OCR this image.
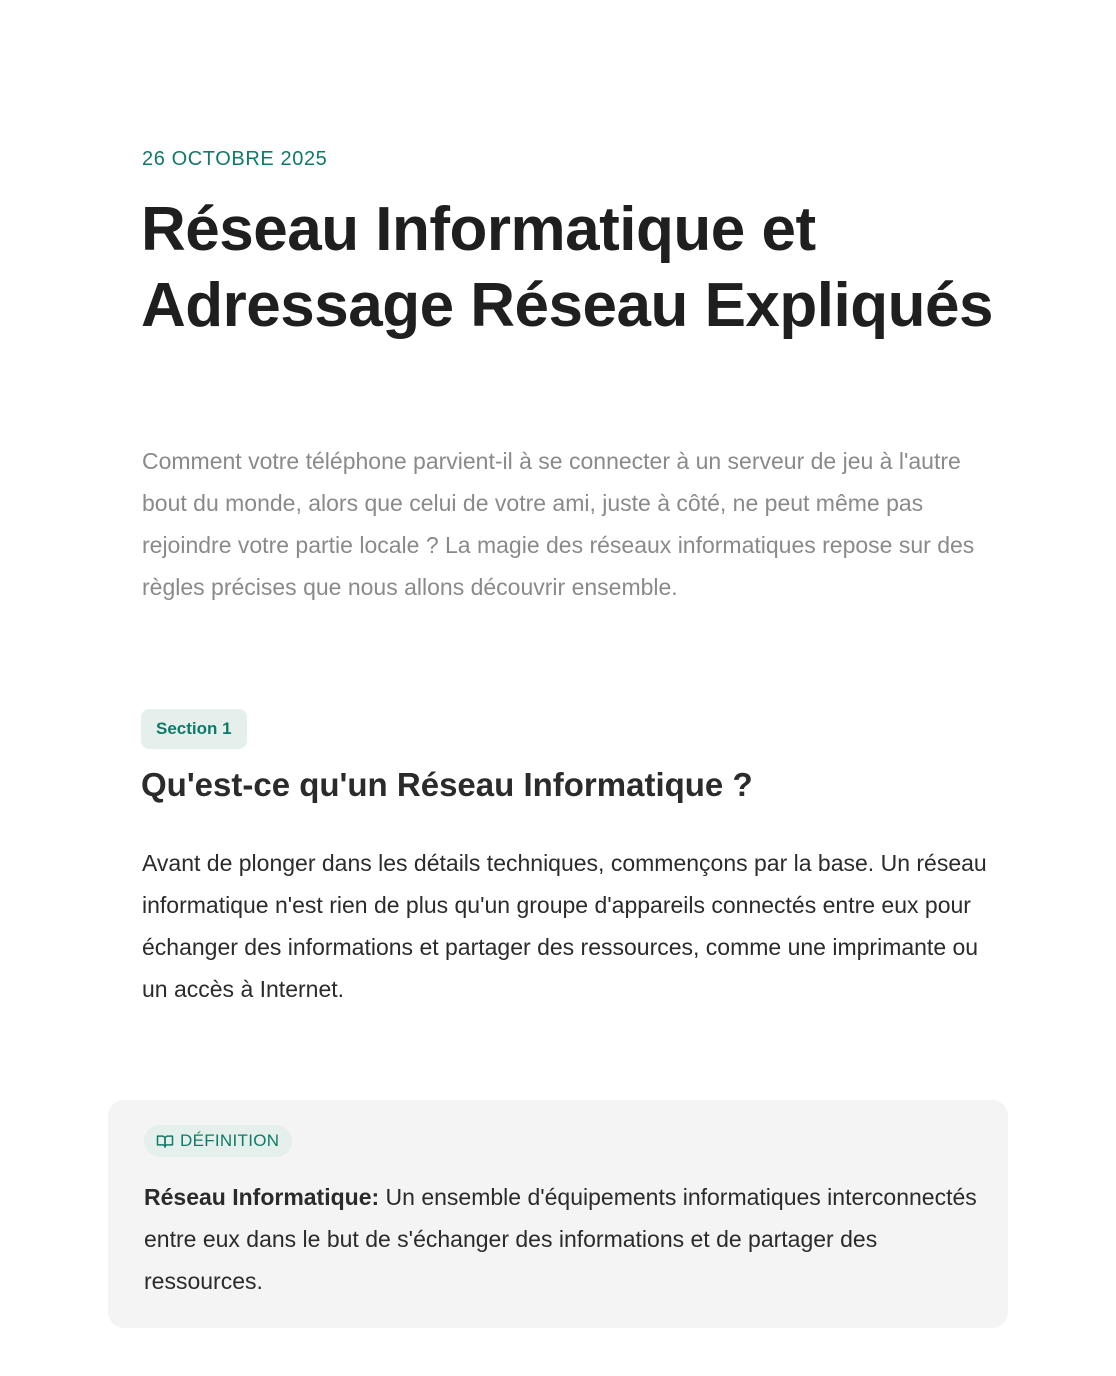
26 OCTOBRE 2025
Réseau Informatique et Adressage Réseau Expliqués

Comment votre téléphone parvient-il à se connecter à un serveur de jeu à l'autre bout du monde, alors que celui de votre ami, juste à côté, ne peut même pas rejoindre votre partie locale ? La magie des réseaux informatiques repose sur des règles précises que nous allons découvrir ensemble.

Section 1
Qu'est-ce qu'un Réseau Informatique ?

Avant de plonger dans les détails techniques, commençons par la base. Un réseau informatique n'est rien de plus qu'un groupe d'appareils connectés entre eux pour échanger des informations et partager des ressources, comme une imprimante ou un accès à Internet.

DÉFINITION

Réseau Informatique: Un ensemble d'équipements informatiques interconnectés entre eux dans le but de s'échanger des informations et de partager des ressources.
